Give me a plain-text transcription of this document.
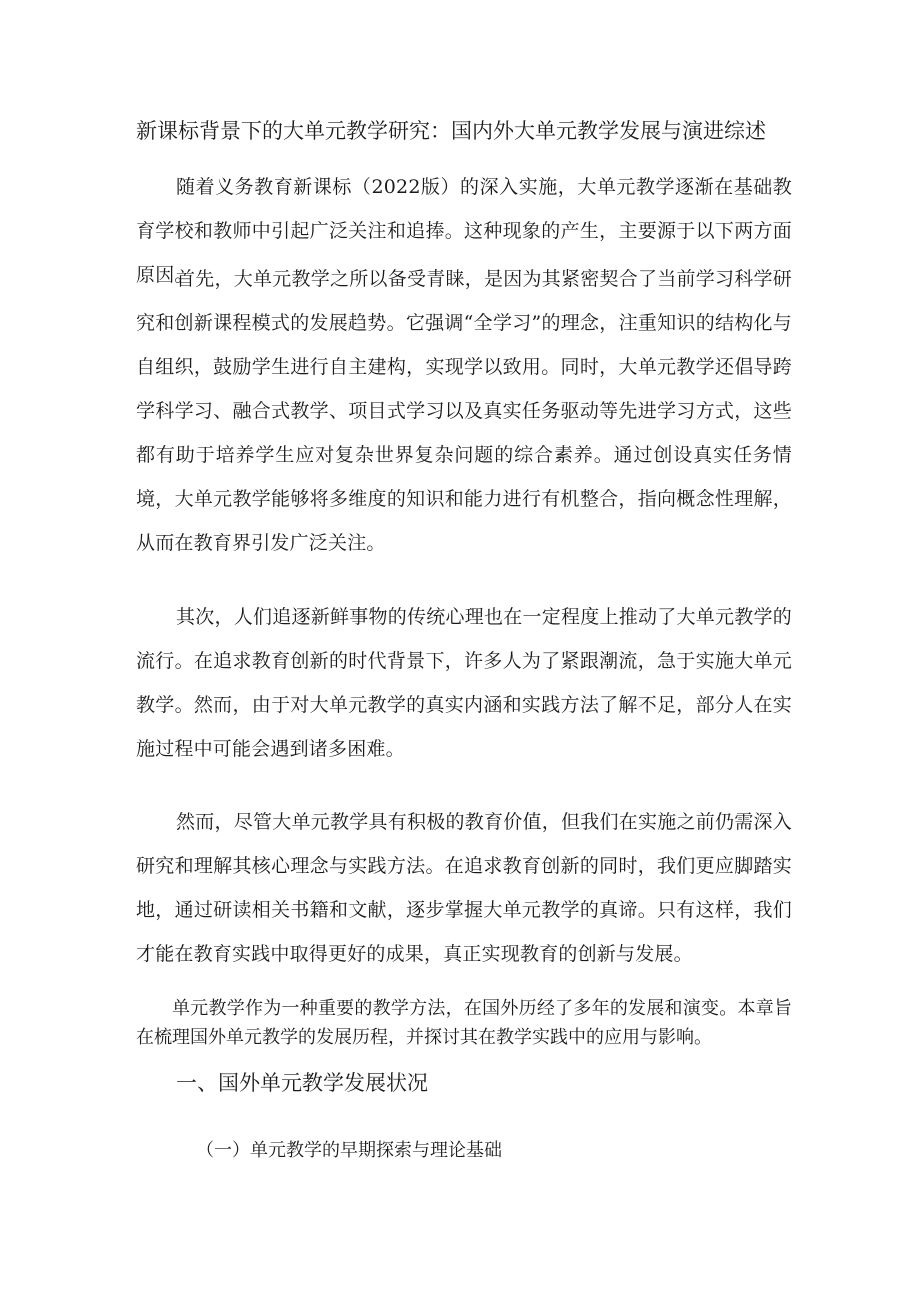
新课标背景下的大单元教学研究：国内外大单元教学发展与演进综述

随着义务教育新课标（2022版）的深入实施，大单元教学逐渐在基础教育学校和教师中引起广泛关注和追捧。这种现象的产生，主要源于以下两方面原因。

首先，大单元教学之所以备受青睐，是因为其紧密契合了当前学习科学研究和创新课程模式的发展趋势。它强调“全学习”的理念，注重知识的结构化与自组织，鼓励学生进行自主建构，实现学以致用。同时，大单元教学还倡导跨学科学习、融合式教学、项目式学习以及真实任务驱动等先进学习方式，这些都有助于培养学生应对复杂世界复杂问题的综合素养。通过创设真实任务情境，大单元教学能够将多维度的知识和能力进行有机整合，指向概念性理解，从而在教育界引发广泛关注。

其次，人们追逐新鲜事物的传统心理也在一定程度上推动了大单元教学的流行。在追求教育创新的时代背景下，许多人为了紧跟潮流，急于实施大单元教学。然而，由于对大单元教学的真实内涵和实践方法了解不足，部分人在实施过程中可能会遇到诸多困难。

然而，尽管大单元教学具有积极的教育价值，但我们在实施之前仍需深入研究和理解其核心理念与实践方法。在追求教育创新的同时，我们更应脚踏实地，通过研读相关书籍和文献，逐步掌握大单元教学的真谛。只有这样，我们才能在教育实践中取得更好的成果，真正实现教育的创新与发展。

单元教学作为一种重要的教学方法，在国外历经了多年的发展和演变。本章旨在梳理国外单元教学的发展历程，并探讨其在教学实践中的应用与影响。

一、国外单元教学发展状况
（一）单元教学的早期探索与理论基础
